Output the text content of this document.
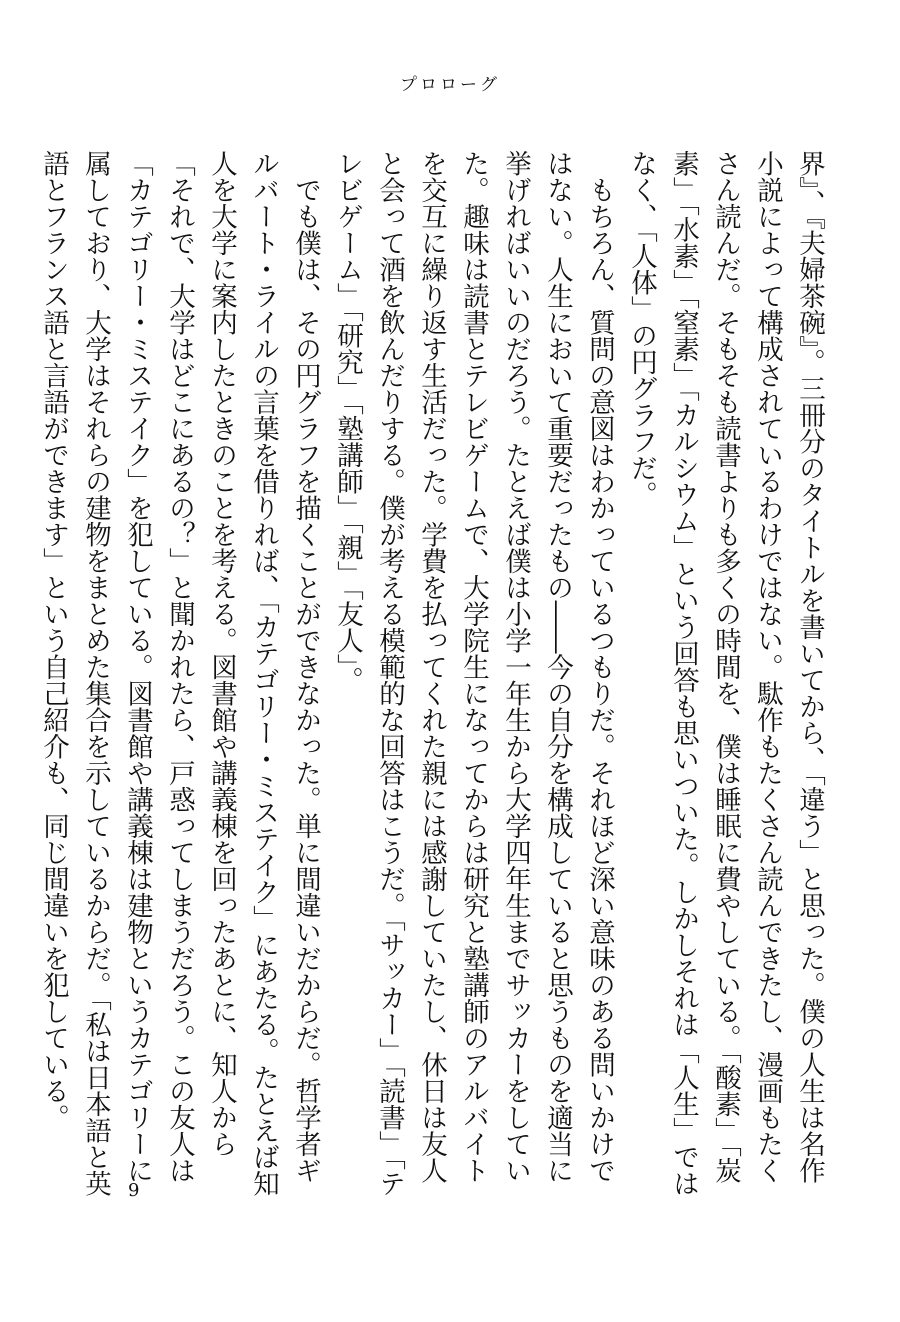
プロローグ

界』、『夫婦茶碗』。三冊分のタイトルを書いてから、「違う」と思った。僕の人生は名作小説によって構成されているわけではない。駄作もたくさん読んできたし、漫画もたくさん読んだ。そもそも読書よりも多くの時間を、僕は睡眠に費やしている。「酸素」「炭素」「水素」「窒素」「カルシウム」という回答も思いついた。しかしそれは「人生」ではなく、「人体」の円グラフだ。

　もちろん、質問の意図はわかっているつもりだ。それほど深い意味のある問いかけではない。人生において重要だったもの――今の自分を構成していると思うものを適当に挙げればいいのだろう。たとえば僕は小学一年生から大学四年生までサッカーをしていた。趣味は読書とテレビゲームで、大学院生になってからは研究と塾講師のアルバイトを交互に繰り返す生活だった。学費を払ってくれた親には感謝していたし、休日は友人と会って酒を飲んだりする。僕が考える模範的な回答はこうだ。「サッカー」「読書」「テレビゲーム」「研究」「塾講師」「親」「友人」。

　でも僕は、その円グラフを描くことができなかった。単に間違いだからだ。哲学者ギルバート・ライルの言葉を借りれば、「カテゴリー・ミステイク」にあたる。たとえば知人を大学に案内したときのことを考える。図書館や講義棟を回ったあとに、知人から「それで、大学はどこにあるの？」と聞かれたら、戸惑ってしまうだろう。この友人は「カテゴリー・ミステイク」を犯している。図書館や講義棟は建物というカテゴリーに属しており、大学はそれらの建物をまとめた集合を示しているからだ。「私は日本語と英語とフランス語と言語ができます」という自己紹介も、同じ間違いを犯している。

9
